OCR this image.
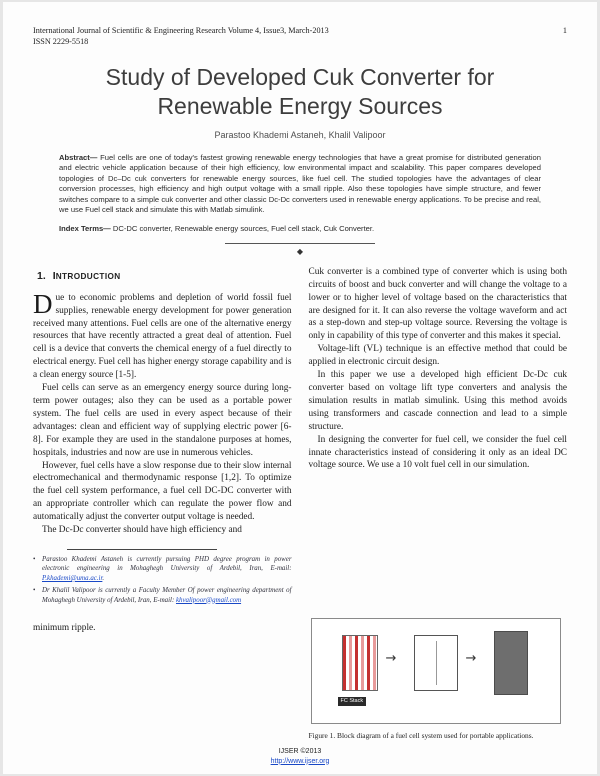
International Journal of Scientific & Engineering Research Volume 4, Issue3, March-2013
ISSN 2229-5518
1
Study of Developed Cuk Converter for
Renewable Energy Sources
Parastoo Khademi Astaneh, Khalil Valipoor

Abstract— Fuel cells are one of today's fastest growing renewable energy technologies that have a great promise for distributed generation and electric vehicle application because of their high efficiency, low environmental impact and scalability. This paper compares developed topologies of Dc–Dc cuk converters for renewable energy sources, like fuel cell. The studied topologies have the advantages of clear conversion processes, high efficiency and high output voltage with a small ripple. Also these topologies have simple structure, and fewer switches compare to a simple cuk converter and other classic Dc-Dc converters used in renewable energy applications. To be precise and real, we use Fuel cell stack and simulate this with Matlab simulink.

Index Terms— DC-DC converter, Renewable energy sources, Fuel cell stack, Cuk Converter.

◆
1. INTRODUCTION

Due to economic problems and depletion of world fossil fuel supplies, renewable energy development for power generation received many attentions. Fuel cells are one of the alternative energy resources that have recently attracted a great deal of attention. Fuel cell is a device that converts the chemical energy of a fuel directly to electrical energy. Fuel cell has higher energy storage capability and is a clean energy source [1-5].

Fuel cells can serve as an emergency energy source during long-term power outages; also they can be used as a portable power system. The fuel cells are used in every aspect because of their advantages: clean and efficient way of supplying electric power [6-8]. For example they are used in the standalone purposes at homes, hospitals, industries and now are use in numerous vehicles.

However, fuel cells have a slow response due to their slow internal electromechanical and thermodynamic response [1,2]. To optimize the fuel cell system performance, a fuel cell DC-DC converter with an appropriate controller which can regulate the power flow and automatically adjust the converter output voltage is needed.

The Dc-Dc converter should have high efficiency and

• Parastoo Khademi Astaneh is currently pursuing PHD degree program in power electronic engineering in Mohaghegh University of Ardebil, Iran, E-mail: P.khademi@uma.ac.ir.
• Dr Khalil Valipoor is currently a Faculty Member Of power engineering department of Mohaghegh University of Ardebil, Iran, E-mail: khvalipoor@gmail.com

minimum ripple.

Cuk converter is a combined type of converter which is using both circuits of boost and buck converter and will change the voltage to a lower or to higher level of voltage based on the characteristics that are designed for it. It can also reverse the voltage waveform and act as a step-down and step-up voltage source. Reversing the voltage is only in capability of this type of converter and this makes it special.

Voltage-lift (VL) technique is an effective method that could be applied in electronic circuit design.

In this paper we use a developed high efficient Dc-Dc cuk converter based on voltage lift type converters and analysis the simulation results in matlab simulink. Using this method avoids using transformers and cascade connection and lead to a simple structure.

In designing the converter for fuel cell, we consider the fuel cell innate characteristics instead of considering it only as an ideal DC voltage source. We use a 10 volt fuel cell in our simulation.

FC Stack
→	→

Figure 1. Block diagram of a fuel cell system used for portable applications.

IJSER ©2013
http://www.ijser.org
